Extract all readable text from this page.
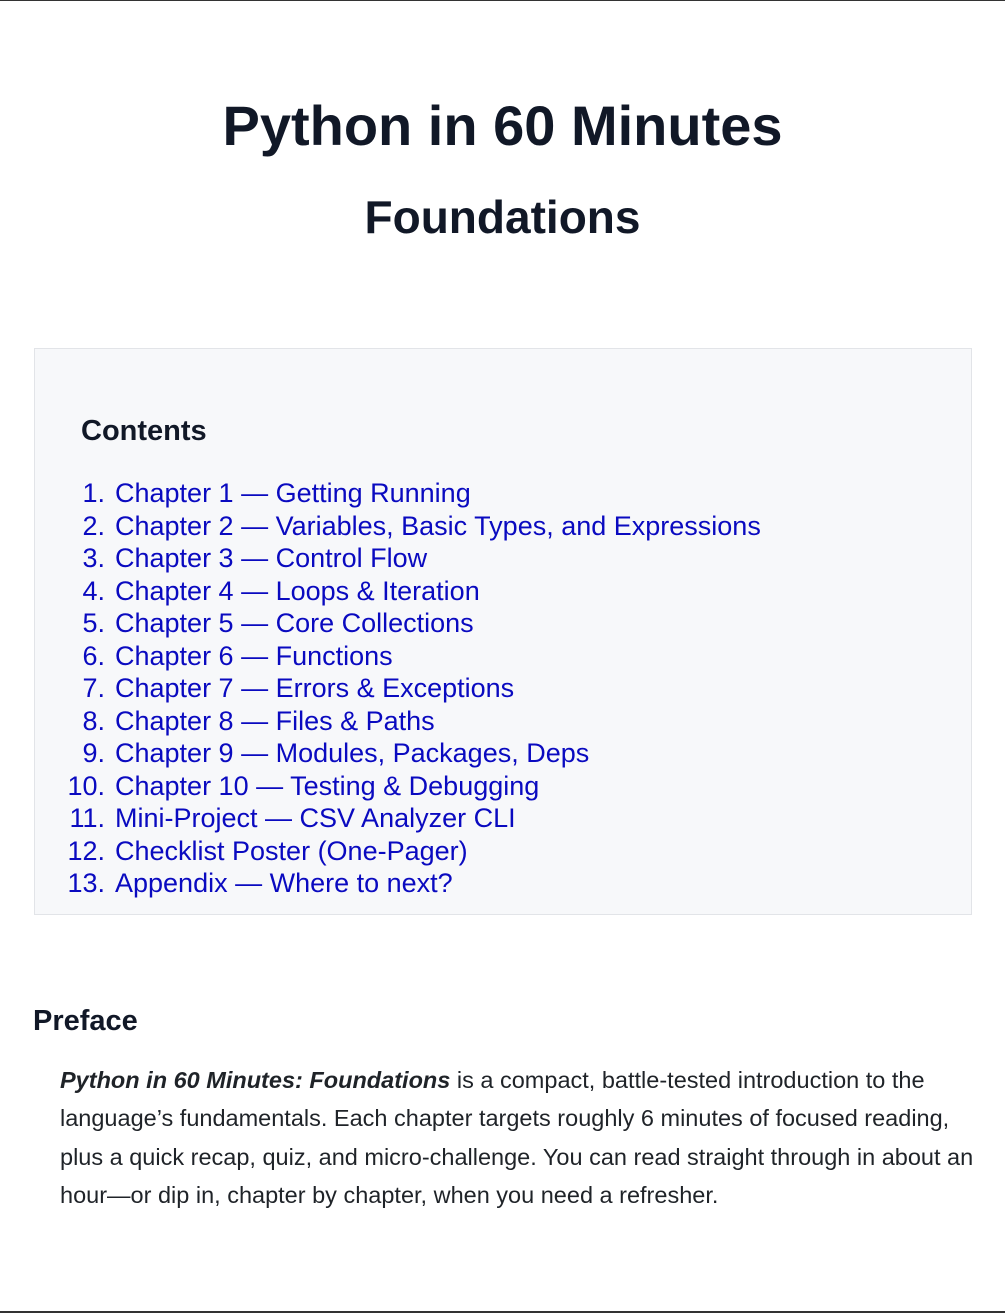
Python in 60 Minutes
Foundations
Contents
1. Chapter 1 — Getting Running
2. Chapter 2 — Variables, Basic Types, and Expressions
3. Chapter 3 — Control Flow
4. Chapter 4 — Loops & Iteration
5. Chapter 5 — Core Collections
6. Chapter 6 — Functions
7. Chapter 7 — Errors & Exceptions
8. Chapter 8 — Files & Paths
9. Chapter 9 — Modules, Packages, Deps
10. Chapter 10 — Testing & Debugging
11. Mini-Project — CSV Analyzer CLI
12. Checklist Poster (One-Pager)
13. Appendix — Where to next?
Preface

Python in 60 Minutes: Foundations is a compact, battle-tested introduction to the language’s fundamentals. Each chapter targets roughly 6 minutes of focused reading, plus a quick recap, quiz, and micro-challenge. You can read straight through in about an hour—or dip in, chapter by chapter, when you need a refresher.
